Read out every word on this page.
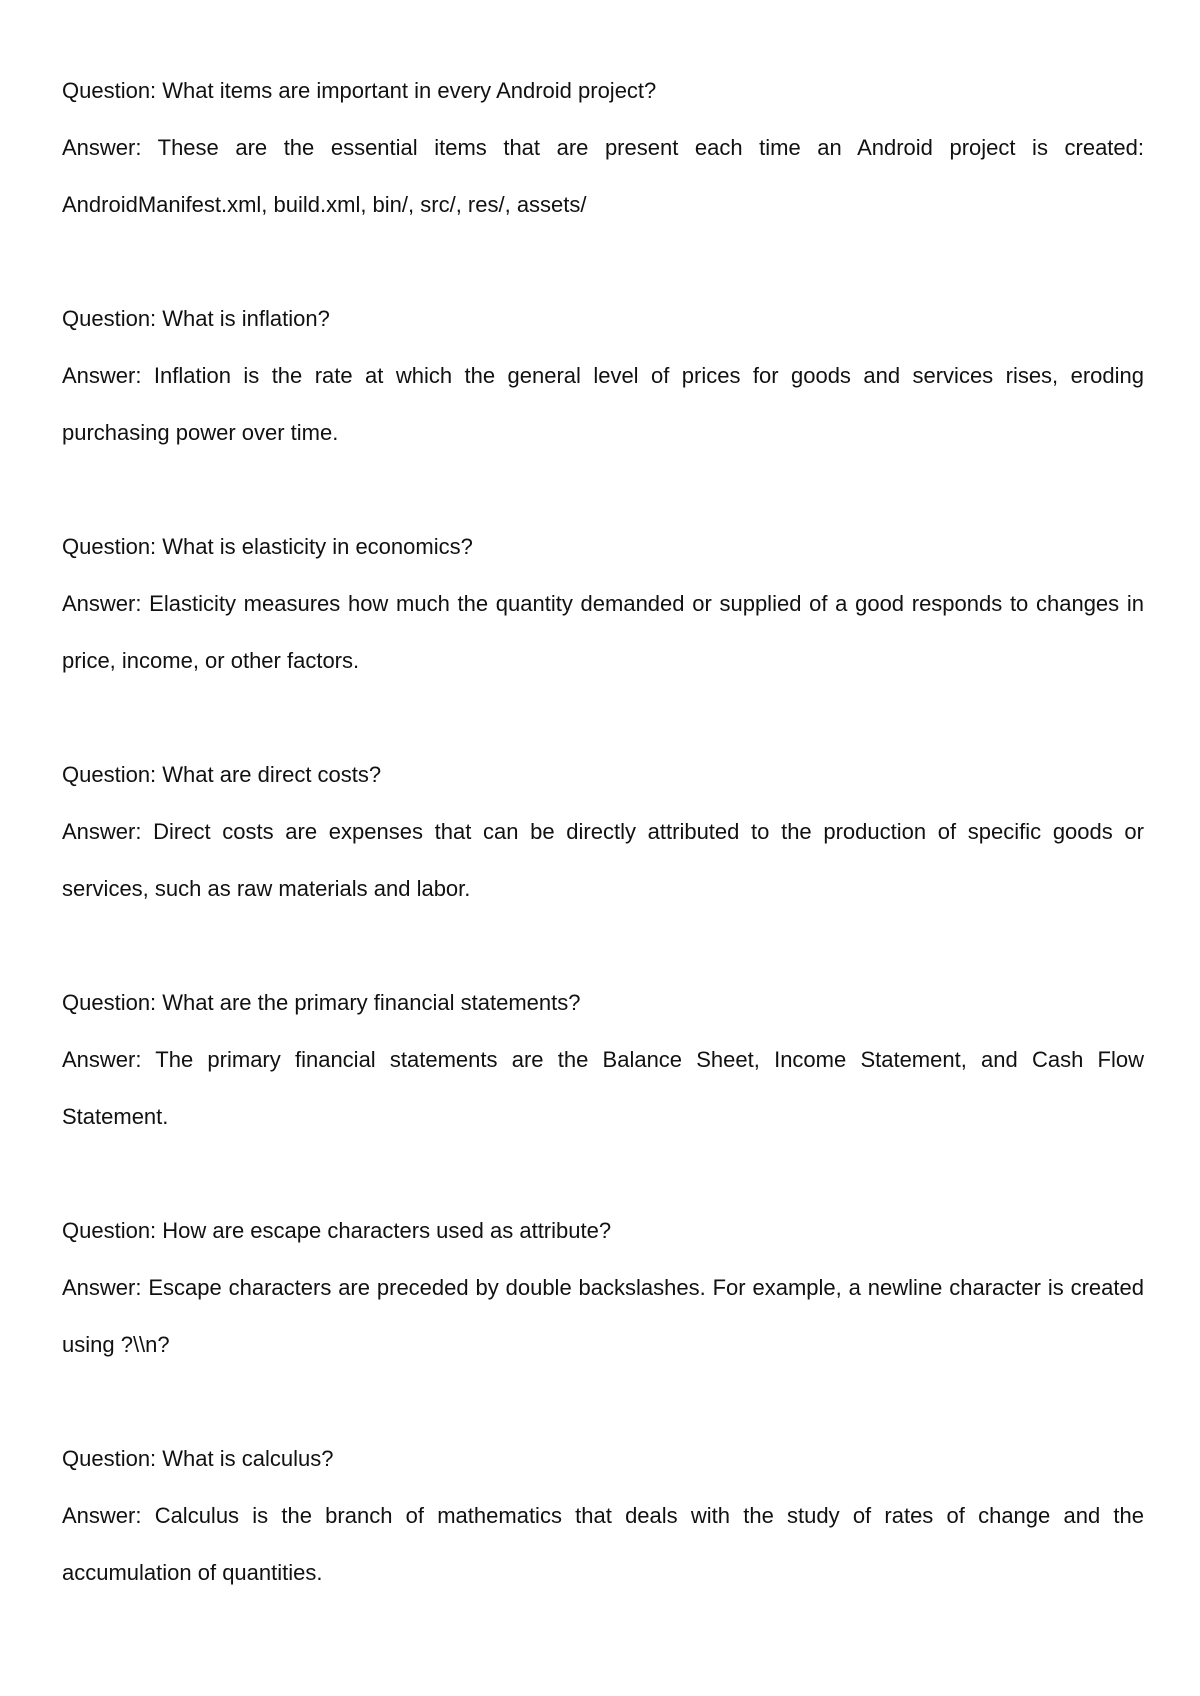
Question: What items are important in every Android project?

Answer: These are the essential items that are present each time an Android project is created: AndroidManifest.xml, build.xml, bin/, src/, res/, assets/

Question: What is inflation?

Answer: Inflation is the rate at which the general level of prices for goods and services rises, eroding purchasing power over time.

Question: What is elasticity in economics?

Answer: Elasticity measures how much the quantity demanded or supplied of a good responds to changes in price, income, or other factors.

Question: What are direct costs?

Answer: Direct costs are expenses that can be directly attributed to the production of specific goods or services, such as raw materials and labor.

Question: What are the primary financial statements?

Answer: The primary financial statements are the Balance Sheet, Income Statement, and Cash Flow Statement.

Question: How are escape characters used as attribute?

Answer: Escape characters are preceded by double backslashes. For example, a newline character is created using ?\\n?

Question: What is calculus?

Answer: Calculus is the branch of mathematics that deals with the study of rates of change and the accumulation of quantities.
